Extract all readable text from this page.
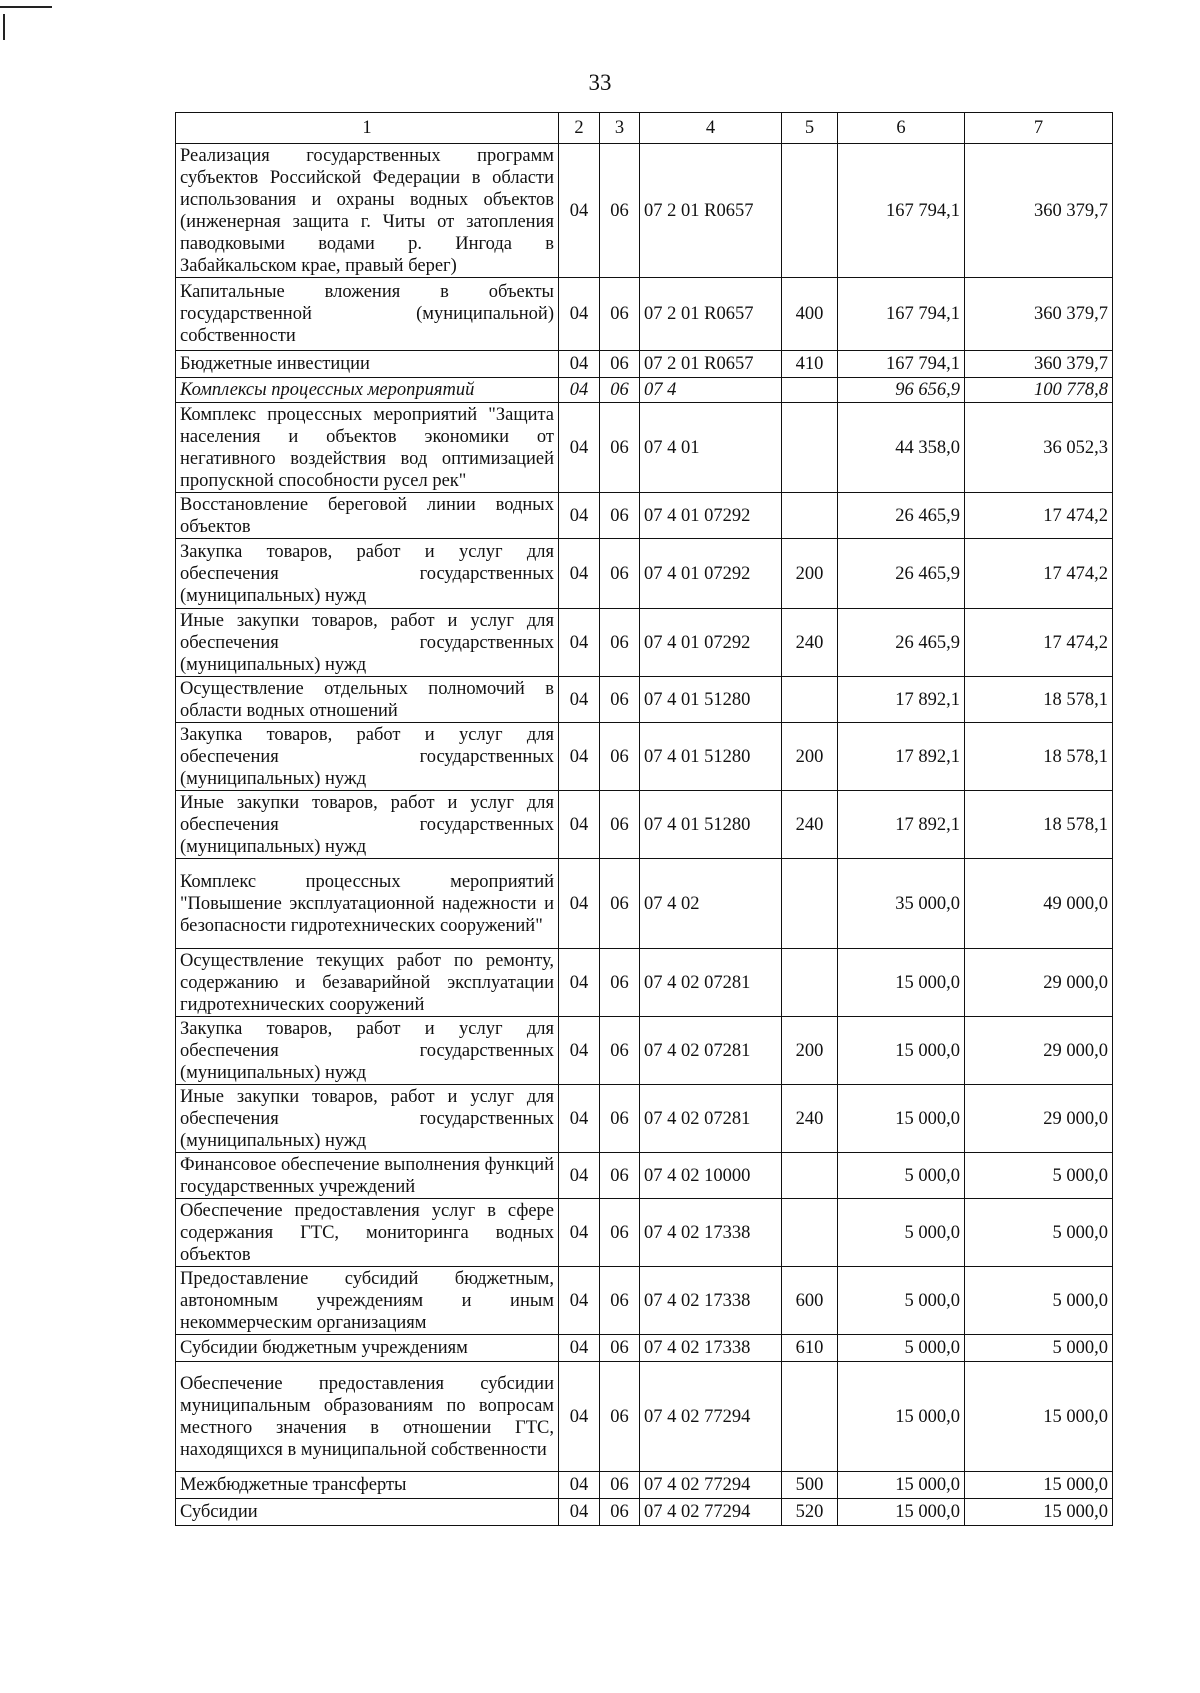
33
1	2	3	4	5	6	7
Реализация государственных программ субъектов Российской Федерации в области использования и охраны водных объектов (инженерная защита г. Читы от затопления паводковыми водами р. Ингода в Забайкальском крае, правый берег)	04	06	07 2 01 R0657		167 794,1	360 379,7
Капитальные вложения в объекты государственной (муниципальной) собственности	04	06	07 2 01 R0657	400	167 794,1	360 379,7
Бюджетные инвестиции	04	06	07 2 01 R0657	410	167 794,1	360 379,7
Комплексы процессных мероприятий	04	06	07 4		96 656,9	100 778,8
Комплекс процессных мероприятий "Защита населения и объектов экономики от негативного воздействия вод оптимизацией пропускной способности русел рек"	04	06	07 4 01		44 358,0	36 052,3
Восстановление береговой линии водных объектов	04	06	07 4 01 07292		26 465,9	17 474,2
Закупка товаров, работ и услуг для обеспечения государственных (муниципальных) нужд	04	06	07 4 01 07292	200	26 465,9	17 474,2
Иные закупки товаров, работ и услуг для обеспечения государственных (муниципальных) нужд	04	06	07 4 01 07292	240	26 465,9	17 474,2
Осуществление отдельных полномочий в области водных отношений	04	06	07 4 01 51280		17 892,1	18 578,1
Закупка товаров, работ и услуг для обеспечения государственных (муниципальных) нужд	04	06	07 4 01 51280	200	17 892,1	18 578,1
Иные закупки товаров, работ и услуг для обеспечения государственных (муниципальных) нужд	04	06	07 4 01 51280	240	17 892,1	18 578,1
Комплекс процессных мероприятий "Повышение эксплуатационной надежности и безопасности гидротехнических сооружений"	04	06	07 4 02		35 000,0	49 000,0
Осуществление текущих работ по ремонту, содержанию и безаварийной эксплуатации гидротехнических сооружений	04	06	07 4 02 07281		15 000,0	29 000,0
Закупка товаров, работ и услуг для обеспечения государственных (муниципальных) нужд	04	06	07 4 02 07281	200	15 000,0	29 000,0
Иные закупки товаров, работ и услуг для обеспечения государственных (муниципальных) нужд	04	06	07 4 02 07281	240	15 000,0	29 000,0
Финансовое обеспечение выполнения функций государственных учреждений	04	06	07 4 02 10000		5 000,0	5 000,0
Обеспечение предоставления услуг в сфере содержания ГТС, мониторинга водных объектов	04	06	07 4 02 17338		5 000,0	5 000,0
Предоставление субсидий бюджетным, автономным учреждениям и иным некоммерческим организациям	04	06	07 4 02 17338	600	5 000,0	5 000,0
Субсидии бюджетным учреждениям	04	06	07 4 02 17338	610	5 000,0	5 000,0
Обеспечение предоставления субсидии муниципальным образованиям по вопросам местного значения в отношении ГТС, находящихся в муниципальной собственности	04	06	07 4 02 77294		15 000,0	15 000,0
Межбюджетные трансферты	04	06	07 4 02 77294	500	15 000,0	15 000,0
Субсидии	04	06	07 4 02 77294	520	15 000,0	15 000,0
